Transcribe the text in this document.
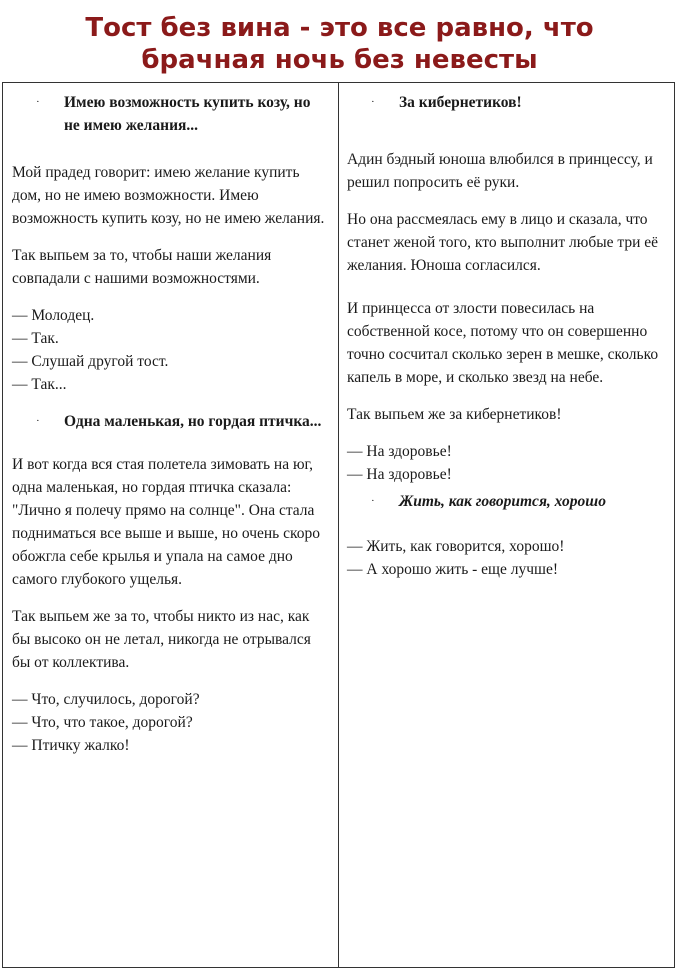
Тост без вина - это все равно, что
брачная ночь без невесты
· Имею возможность купить козу, но не имею желания...

Мой прадед говорит: имею желание купить дом, но не имею возможности. Имею возможность купить козу, но не имею желания.

Так выпьем за то, чтобы наши желания совпадали с нашими возможностями.

— Молодец.

— Так.

— Слушай другой тост.

— Так...

· Одна маленькая, но гордая птичка...

И вот когда вся стая полетела зимовать на юг, одна маленькая, но гордая птичка сказала: "Лично я полечу прямо на солнце". Она стала подниматься все выше и выше, но очень скоро обожгла себе крылья и упала на самое дно самого глубокого ущелья.

Так выпьем же за то, чтобы никто из нас, как бы высоко он не летал, никогда не отрывался бы от коллектива.

— Что, случилось, дорогой?

— Что, что такое, дорогой?

— Птичку жалко!

· За кибернетиков!

Адин бэдный юноша влюбился в принцессу, и решил попросить её руки.

Но она рассмеялась ему в лицо и сказала, что станет женой того, кто выполнит любые три её желания. Юноша согласился.

И принцесса от злости повесилась на собственной косе, потому что он совершенно точно сосчитал сколько зерен в мешке, сколько капель в море, и сколько звезд на небе.

Так выпьем же за кибернетиков!

— На здоровье!

— На здоровье!

· Жить, как говорится, хорошо

— Жить, как говорится, хорошо!

— А хорошо жить - еще лучше!
